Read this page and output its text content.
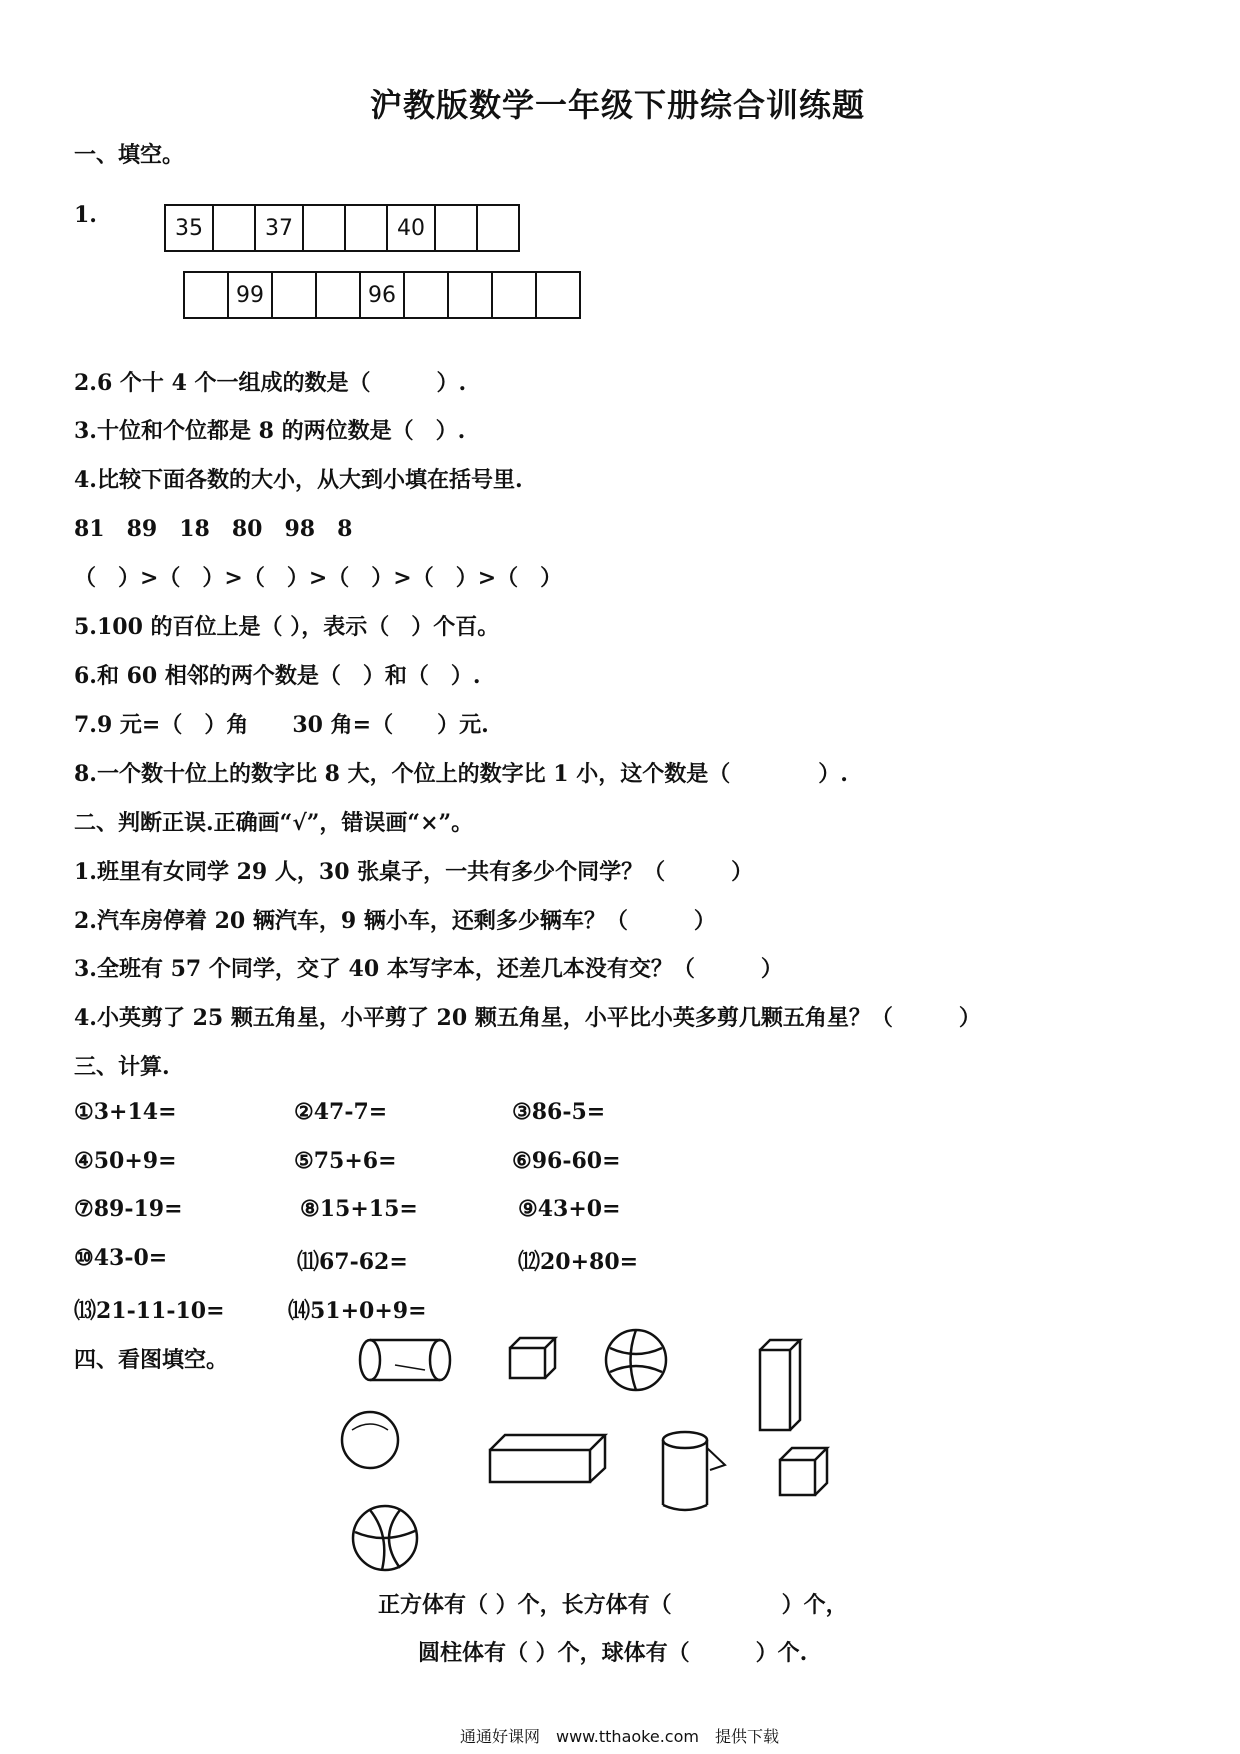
沪教版数学一年级下册综合训练题
一、填空。
1.	35		37			40		
	99			96				
2.6 个十 4 个一组成的数是（　　　）.
3.十位和个位都是 8 的两位数是（　）.
4.比较下面各数的大小，从大到小填在括号里.
81　89　18　80　98　8
（　）>（　）>（　）>（　）>（　）>（　）
5.100 的百位上是（ ），表示（　）个百。
6.和 60 相邻的两个数是（　）和（　）.
7.9 元=（　）角　　30 角=（　　）元.
8.一个数十位上的数字比 8 大，个位上的数字比 1 小，这个数是（　　　　）.
二、判断正误.正确画“√”，错误画“×”。
1.班里有女同学 29 人，30 张桌子，一共有多少个同学？（　　　）
2.汽车房停着 20 辆汽车，9 辆小车，还剩多少辆车？（　　　）
3.全班有 57 个同学，交了 40 本写字本，还差几本没有交？（　　　）
4.小英剪了 25 颗五角星，小平剪了 20 颗五角星，小平比小英多剪几颗五角星？（　　　）
三、计算.
①3+14=	②47-7=	③86-5=
④50+9=	⑤75+6=	⑥96-60=
⑦89-19=	⑧15+15=	⑨43+0=
⑩43-0=	⑾67-62=	⑿20+80=
⒀21-11-10=	⒁51+0+9=
四、看图填空。
正方体有（ ）个，长方体有（　　　　　）个，
圆柱体有（ ）个，球体有（　　　）个.
通通好课网　www.tthaoke.com　提供下载
